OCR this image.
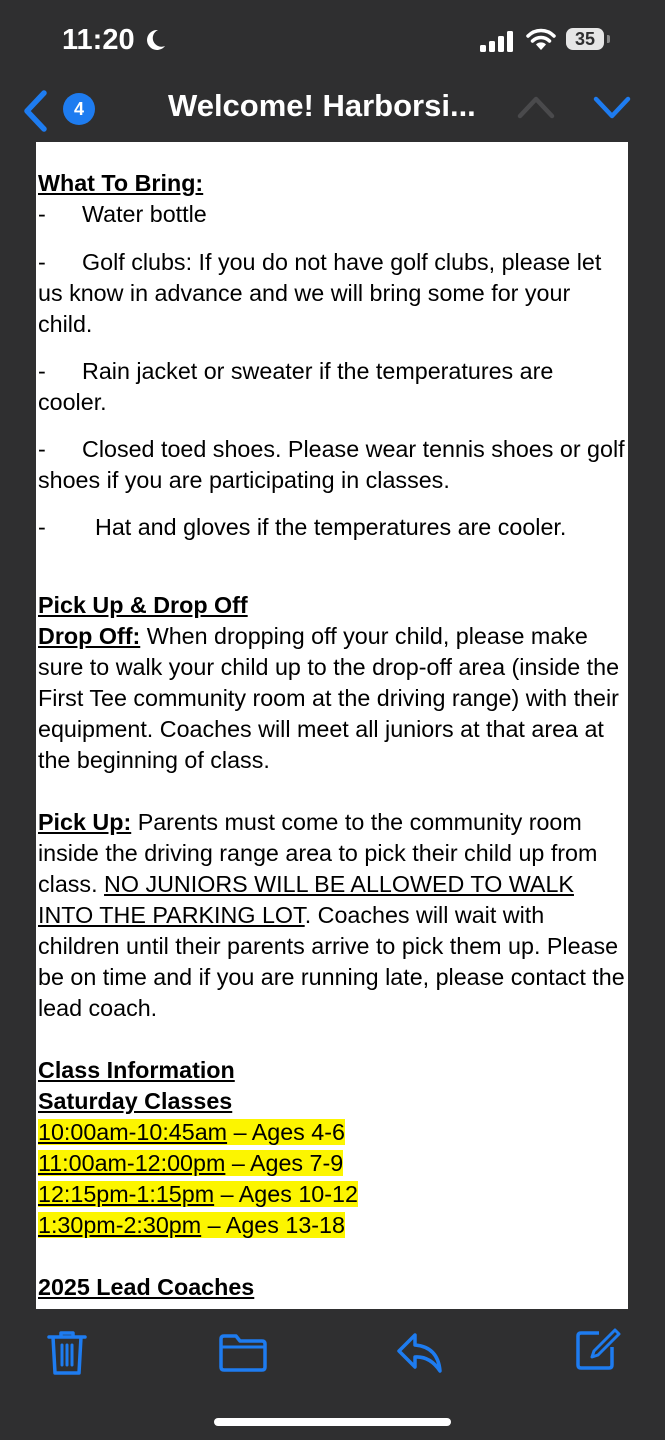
11:20	35
4	Welcome! Harborsi...

What To Bring:

-	Water bottle
- Golf clubs: If you do not have golf clubs, please let us know in advance and we will bring some for your child.
- Rain jacket or sweater if the temperatures are cooler.
- Closed toed shoes. Please wear tennis shoes or golf shoes if you are participating in classes.
- Hat and gloves if the temperatures are cooler.

Pick Up & Drop Off

Drop Off: When dropping off your child, please make sure to walk your child up to the drop-off area (inside the First Tee community room at the driving range) with their equipment. Coaches will meet all juniors at that area at the beginning of class.

Pick Up: Parents must come to the community room inside the driving range area to pick their child up from class. NO JUNIORS WILL BE ALLOWED TO WALK INTO THE PARKING LOT. Coaches will wait with children until their parents arrive to pick them up. Please be on time and if you are running late, please contact the lead coach.

Class Information

Saturday Classes

10:00am-10:45am – Ages 4-6

11:00am-12:00pm – Ages 7-9

12:15pm-1:15pm – Ages 10-12

1:30pm-2:30pm – Ages 13-18

2025 Lead Coaches
